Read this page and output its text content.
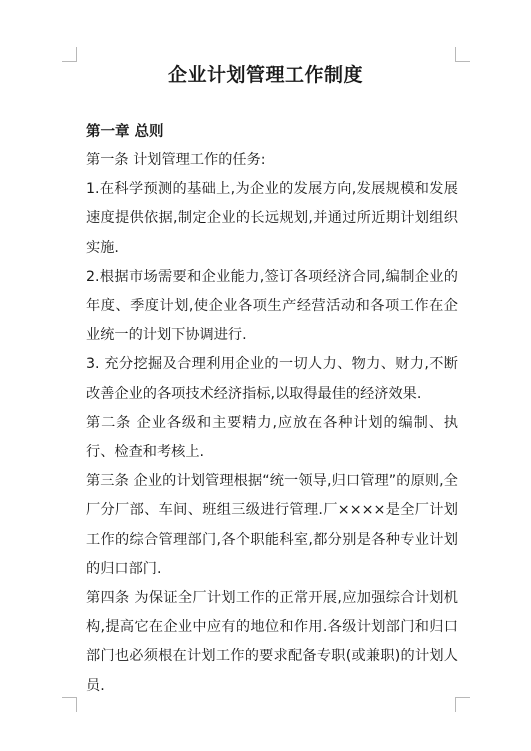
企业计划管理工作制度

第一章 总则

第一条 计划管理工作的任务:

1.在科学预测的基础上,为企业的发展方向,发展规模和发展速度提供依据,制定企业的长远规划,并通过所近期计划组织实施.

2.根据市场需要和企业能力,签订各项经济合同,编制企业的年度、季度计划,使企业各项生产经营活动和各项工作在企业统一的计划下协调进行.

3. 充分挖掘及合理利用企业的一切人力、物力、财力,不断改善企业的各项技术经济指标,以取得最佳的经济效果.

第二条 企业各级和主要精力,应放在各种计划的编制、执行、检查和考核上.

第三条 企业的计划管理根据“统一领导,归口管理”的原则,全厂分厂部、车间、班组三级进行管理.厂××××是全厂计划工作的综合管理部门,各个职能科室,都分别是各种专业计划的归口部门.

第四条 为保证全厂计划工作的正常开展,应加强综合计划机构,提高它在企业中应有的地位和作用.各级计划部门和归口部门也必须根在计划工作的要求配备专职(或兼职)的计划人员.
